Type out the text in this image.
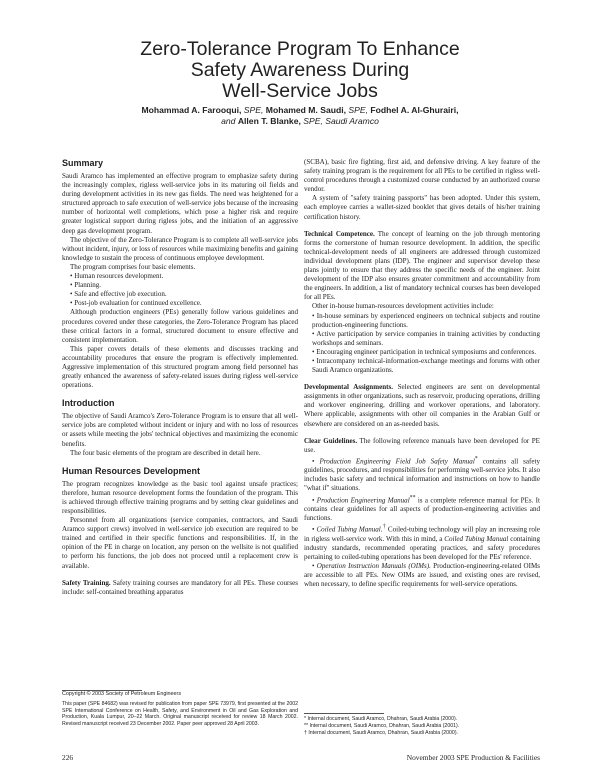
Zero-Tolerance Program To Enhance
Safety Awareness During
Well-Service Jobs
Mohammad A. Farooqui, SPE, Mohamed M. Saudi, SPE, Fodhel A. Al-Ghurairi,
and Allen T. Blanke, SPE, Saudi Aramco
Summary

Saudi Aramco has implemented an effective program to emphasize safety during the increasingly complex, rigless well-service jobs in its maturing oil fields and during development activities in its new gas fields. The need was heightened for a structured approach to safe execution of well-service jobs because of the increasing number of horizontal well completions, which pose a higher risk and require greater logistical support during rigless jobs, and the initiation of an aggressive deep gas development program.

The objective of the Zero-Tolerance Program is to complete all well-service jobs without incident, injury, or loss of resources while maximizing benefits and gaining knowledge to sustain the process of continuous employee development.

The program comprises four basic elements.

• Human resources development.
• Planning.
• Safe and effective job execution.
• Post-job evaluation for continued excellence.

Although production engineers (PEs) generally follow various guidelines and procedures covered under these categories, the Zero-Tolerance Program has placed these critical factors in a formal, structured document to ensure effective and consistent implementation.

This paper covers details of these elements and discusses tracking and accountability procedures that ensure the program is effectively implemented. Aggressive implementation of this structured program among field personnel has greatly enhanced the awareness of safety-related issues during rigless well-service operations.

Introduction

The objective of Saudi Aramco's Zero-Tolerance Program is to ensure that all well-service jobs are completed without incident or injury and with no loss of resources or assets while meeting the jobs' technical objectives and maximizing the economic benefits.

The four basic elements of the program are described in detail here.

Human Resources Development

The program recognizes knowledge as the basic tool against unsafe practices; therefore, human resource development forms the foundation of the program. This is achieved through effective training programs and by setting clear guidelines and responsibilities.

Personnel from all organizations (service companies, contractors, and Saudi Aramco support crews) involved in well-service job execution are required to be trained and certified in their specific functions and responsibilities. If, in the opinion of the PE in charge on location, any person on the wellsite is not qualified to perform his functions, the job does not proceed until a replacement crew is available.

Safety Training. Safety training courses are mandatory for all PEs. These courses include: self-contained breathing apparatus

(SCBA), basic fire fighting, first aid, and defensive driving. A key feature of the safety training program is the requirement for all PEs to be certified in rigless well-control procedures through a customized course conducted by an authorized course vendor.

A system of "safety training passports" has been adopted. Under this system, each employee carries a wallet-sized booklet that gives details of his/her training certification history.

Technical Competence. The concept of learning on the job through mentoring forms the cornerstone of human resource development. In addition, the specific technical-development needs of all engineers are addressed through customized individual development plans (IDP). The engineer and supervisor develop these plans jointly to ensure that they address the specific needs of the engineer. Joint development of the IDP also ensures greater commitment and accountability from the engineers. In addition, a list of mandatory technical courses has been developed for all PEs.

Other in-house human-resources development activities include:

• In-house seminars by experienced engineers on technical subjects and routine production-engineering functions.
• Active participation by service companies in training activities by conducting workshops and seminars.
• Encouraging engineer participation in technical symposiums and conferences.
• Intracompany technical-information-exchange meetings and forums with other Saudi Aramco organizations.

Developmental Assignments. Selected engineers are sent on developmental assignments in other organizations, such as reservoir, producing operations, drilling and workover engineering, drilling and workover operations, and laboratory. Where applicable, assignments with other oil companies in the Arabian Gulf or elsewhere are considered on an as-needed basis.

Clear Guidelines. The following reference manuals have been developed for PE use.

• Production Engineering Field Job Safety Manual* contains all safety guidelines, procedures, and responsibilities for performing well-service jobs. It also includes basic safety and technical information and instructions on how to handle "what if" situations.

• Production Engineering Manual** is a complete reference manual for PEs. It contains clear guidelines for all aspects of production-engineering activities and functions.

• Coiled Tubing Manual.† Coiled-tubing technology will play an increasing role in rigless well-service work. With this in mind, a Coiled Tubing Manual containing industry standards, recommended operating practices, and safety procedures pertaining to coiled-tubing operations has been developed for the PEs' reference.

• Operation Instruction Manuals (OIMs). Production-engineering-related OIMs are accessible to all PEs. New OIMs are issued, and existing ones are revised, when necessary, to define specific requirements for well-service operations.

Copyright © 2003 Society of Petroleum Engineers
This paper (SPE 84682) was revised for publication from paper SPE 73979, first presented at the 2002 SPE International Conference on Health, Safety, and Environment in Oil and Gas Exploration and Production, Kuala Lumpur, 20–22 March. Original manuscript received for review 18 March 2002. Revised manuscript received 23 December 2002. Paper peer approved 28 April 2003.
* Internal document, Saudi Aramco, Dhahran, Saudi Arabia (2000).
** Internal document, Saudi Aramco, Dhahran, Saudi Arabia (2001).
† Internal document, Saudi Aramco, Dhahran, Saudi Arabia (2000).
226	November 2003 SPE Production & Facilities
